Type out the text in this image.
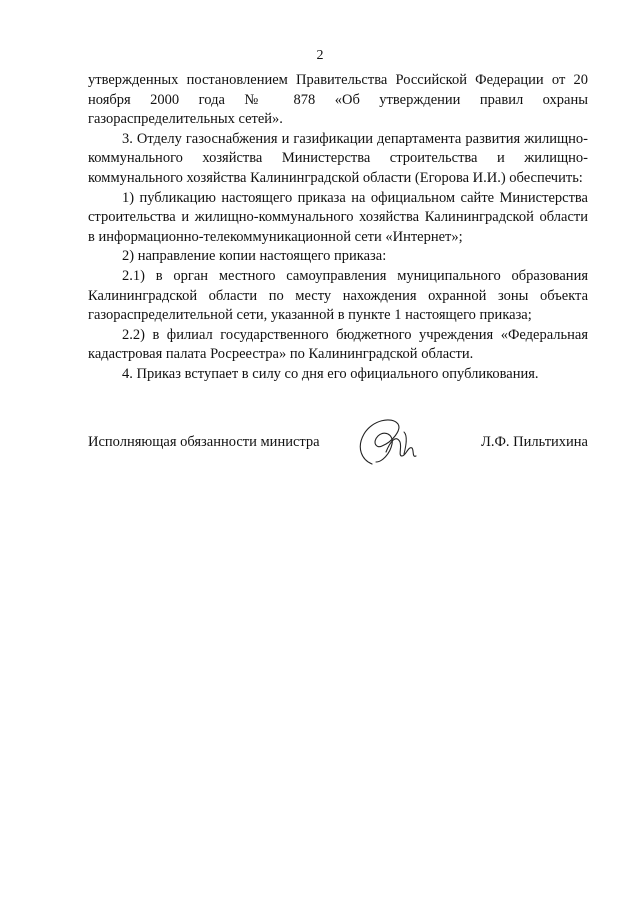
2

утвержденных постановлением Правительства Российской Федерации от 20 ноября 2000 года № 878 «Об утверждении правил охраны газораспределительных сетей».

3. Отделу газоснабжения и газификации департамента развития жилищно-коммунального хозяйства Министерства строительства и жилищно-коммунального хозяйства Калининградской области (Егорова И.И.) обеспечить:

1) публикацию настоящего приказа на официальном сайте Министерства строительства и жилищно-коммунального хозяйства Калининградской области в информационно-телекоммуникационной сети «Интернет»;

2) направление копии настоящего приказа:

2.1) в орган местного самоуправления муниципального образования Калининградской области по месту нахождения охранной зоны объекта газораспределительной сети, указанной в пункте 1 настоящего приказа;

2.2) в филиал государственного бюджетного учреждения «Федеральная кадастровая палата Росреестра» по Калининградской области.

4. Приказ вступает в силу со дня его официального опубликования.

Исполняющая обязанности министра	Л.Ф. Пильтихина
